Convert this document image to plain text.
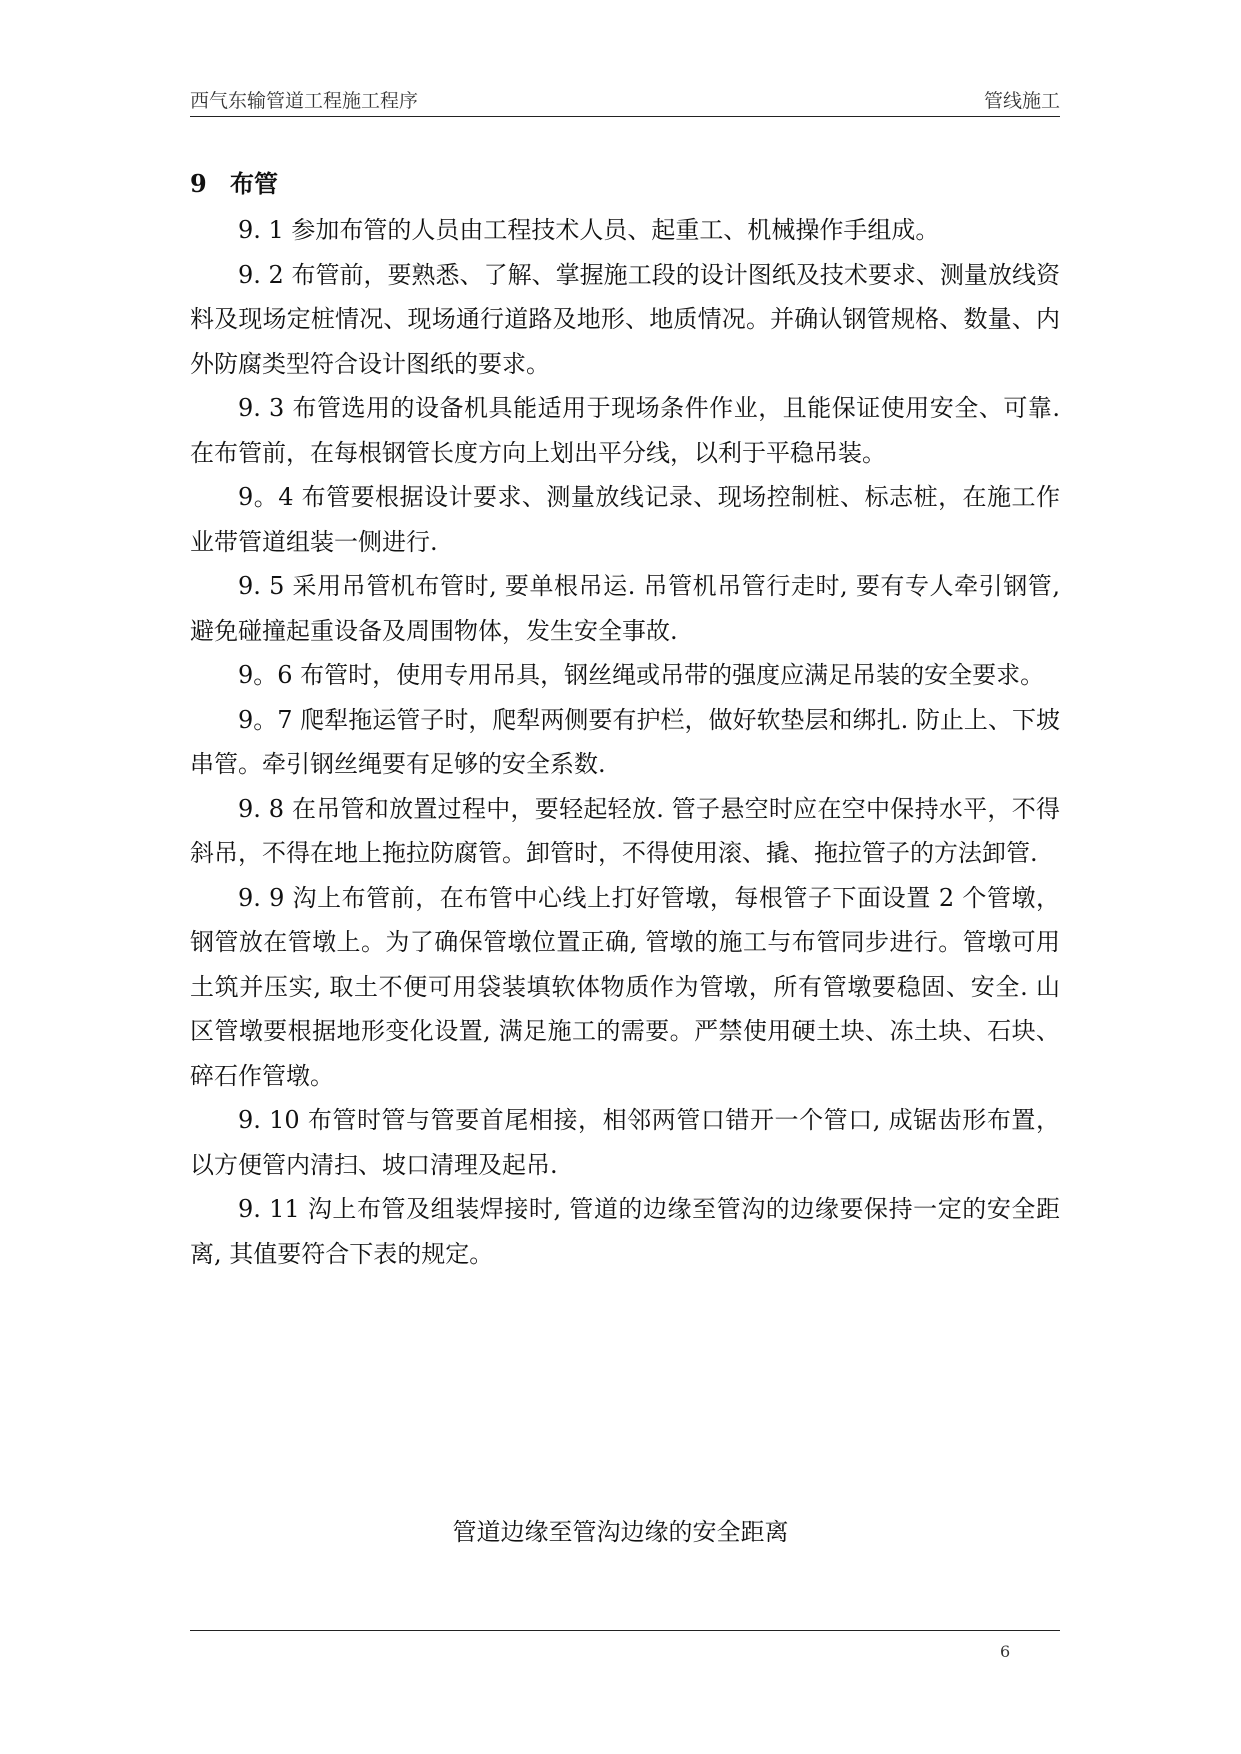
西气东输管道工程施工程序	管线施工
9 布管

9. 1 参加布管的人员由工程技术人员、起重工、机械操作手组成。

9. 2 布管前，要熟悉、了解、掌握施工段的设计图纸及技术要求、测量放线资料及现场定桩情况、现场通行道路及地形、地质情况。并确认钢管规格、数量、内外防腐类型符合设计图纸的要求。

9. 3 布管选用的设备机具能适用于现场条件作业，且能保证使用安全、可靠. 在布管前，在每根钢管长度方向上划出平分线，以利于平稳吊装。

9。4 布管要根据设计要求、测量放线记录、现场控制桩、标志桩，在施工作业带管道组装一侧进行.

9. 5 采用吊管机布管时, 要单根吊运. 吊管机吊管行走时, 要有专人牵引钢管, 避免碰撞起重设备及周围物体，发生安全事故.

9。6 布管时，使用专用吊具，钢丝绳或吊带的强度应满足吊装的安全要求。

9。7 爬犁拖运管子时，爬犁两侧要有护栏，做好软垫层和绑扎. 防止上、下坡串管。牵引钢丝绳要有足够的安全系数.

9. 8 在吊管和放置过程中，要轻起轻放. 管子悬空时应在空中保持水平，不得斜吊，不得在地上拖拉防腐管。卸管时，不得使用滚、撬、拖拉管子的方法卸管.

9. 9 沟上布管前，在布管中心线上打好管墩，每根管子下面设置 2 个管墩，钢管放在管墩上。为了确保管墩位置正确, 管墩的施工与布管同步进行。管墩可用土筑并压实, 取土不便可用袋装填软体物质作为管墩，所有管墩要稳固、安全. 山区管墩要根据地形变化设置, 满足施工的需要。严禁使用硬土块、冻土块、石块、碎石作管墩。

9. 10 布管时管与管要首尾相接，相邻两管口错开一个管口, 成锯齿形布置，以方便管内清扫、坡口清理及起吊.

9. 11 沟上布管及组装焊接时, 管道的边缘至管沟的边缘要保持一定的安全距离, 其值要符合下表的规定。

管道边缘至管沟边缘的安全距离
6
